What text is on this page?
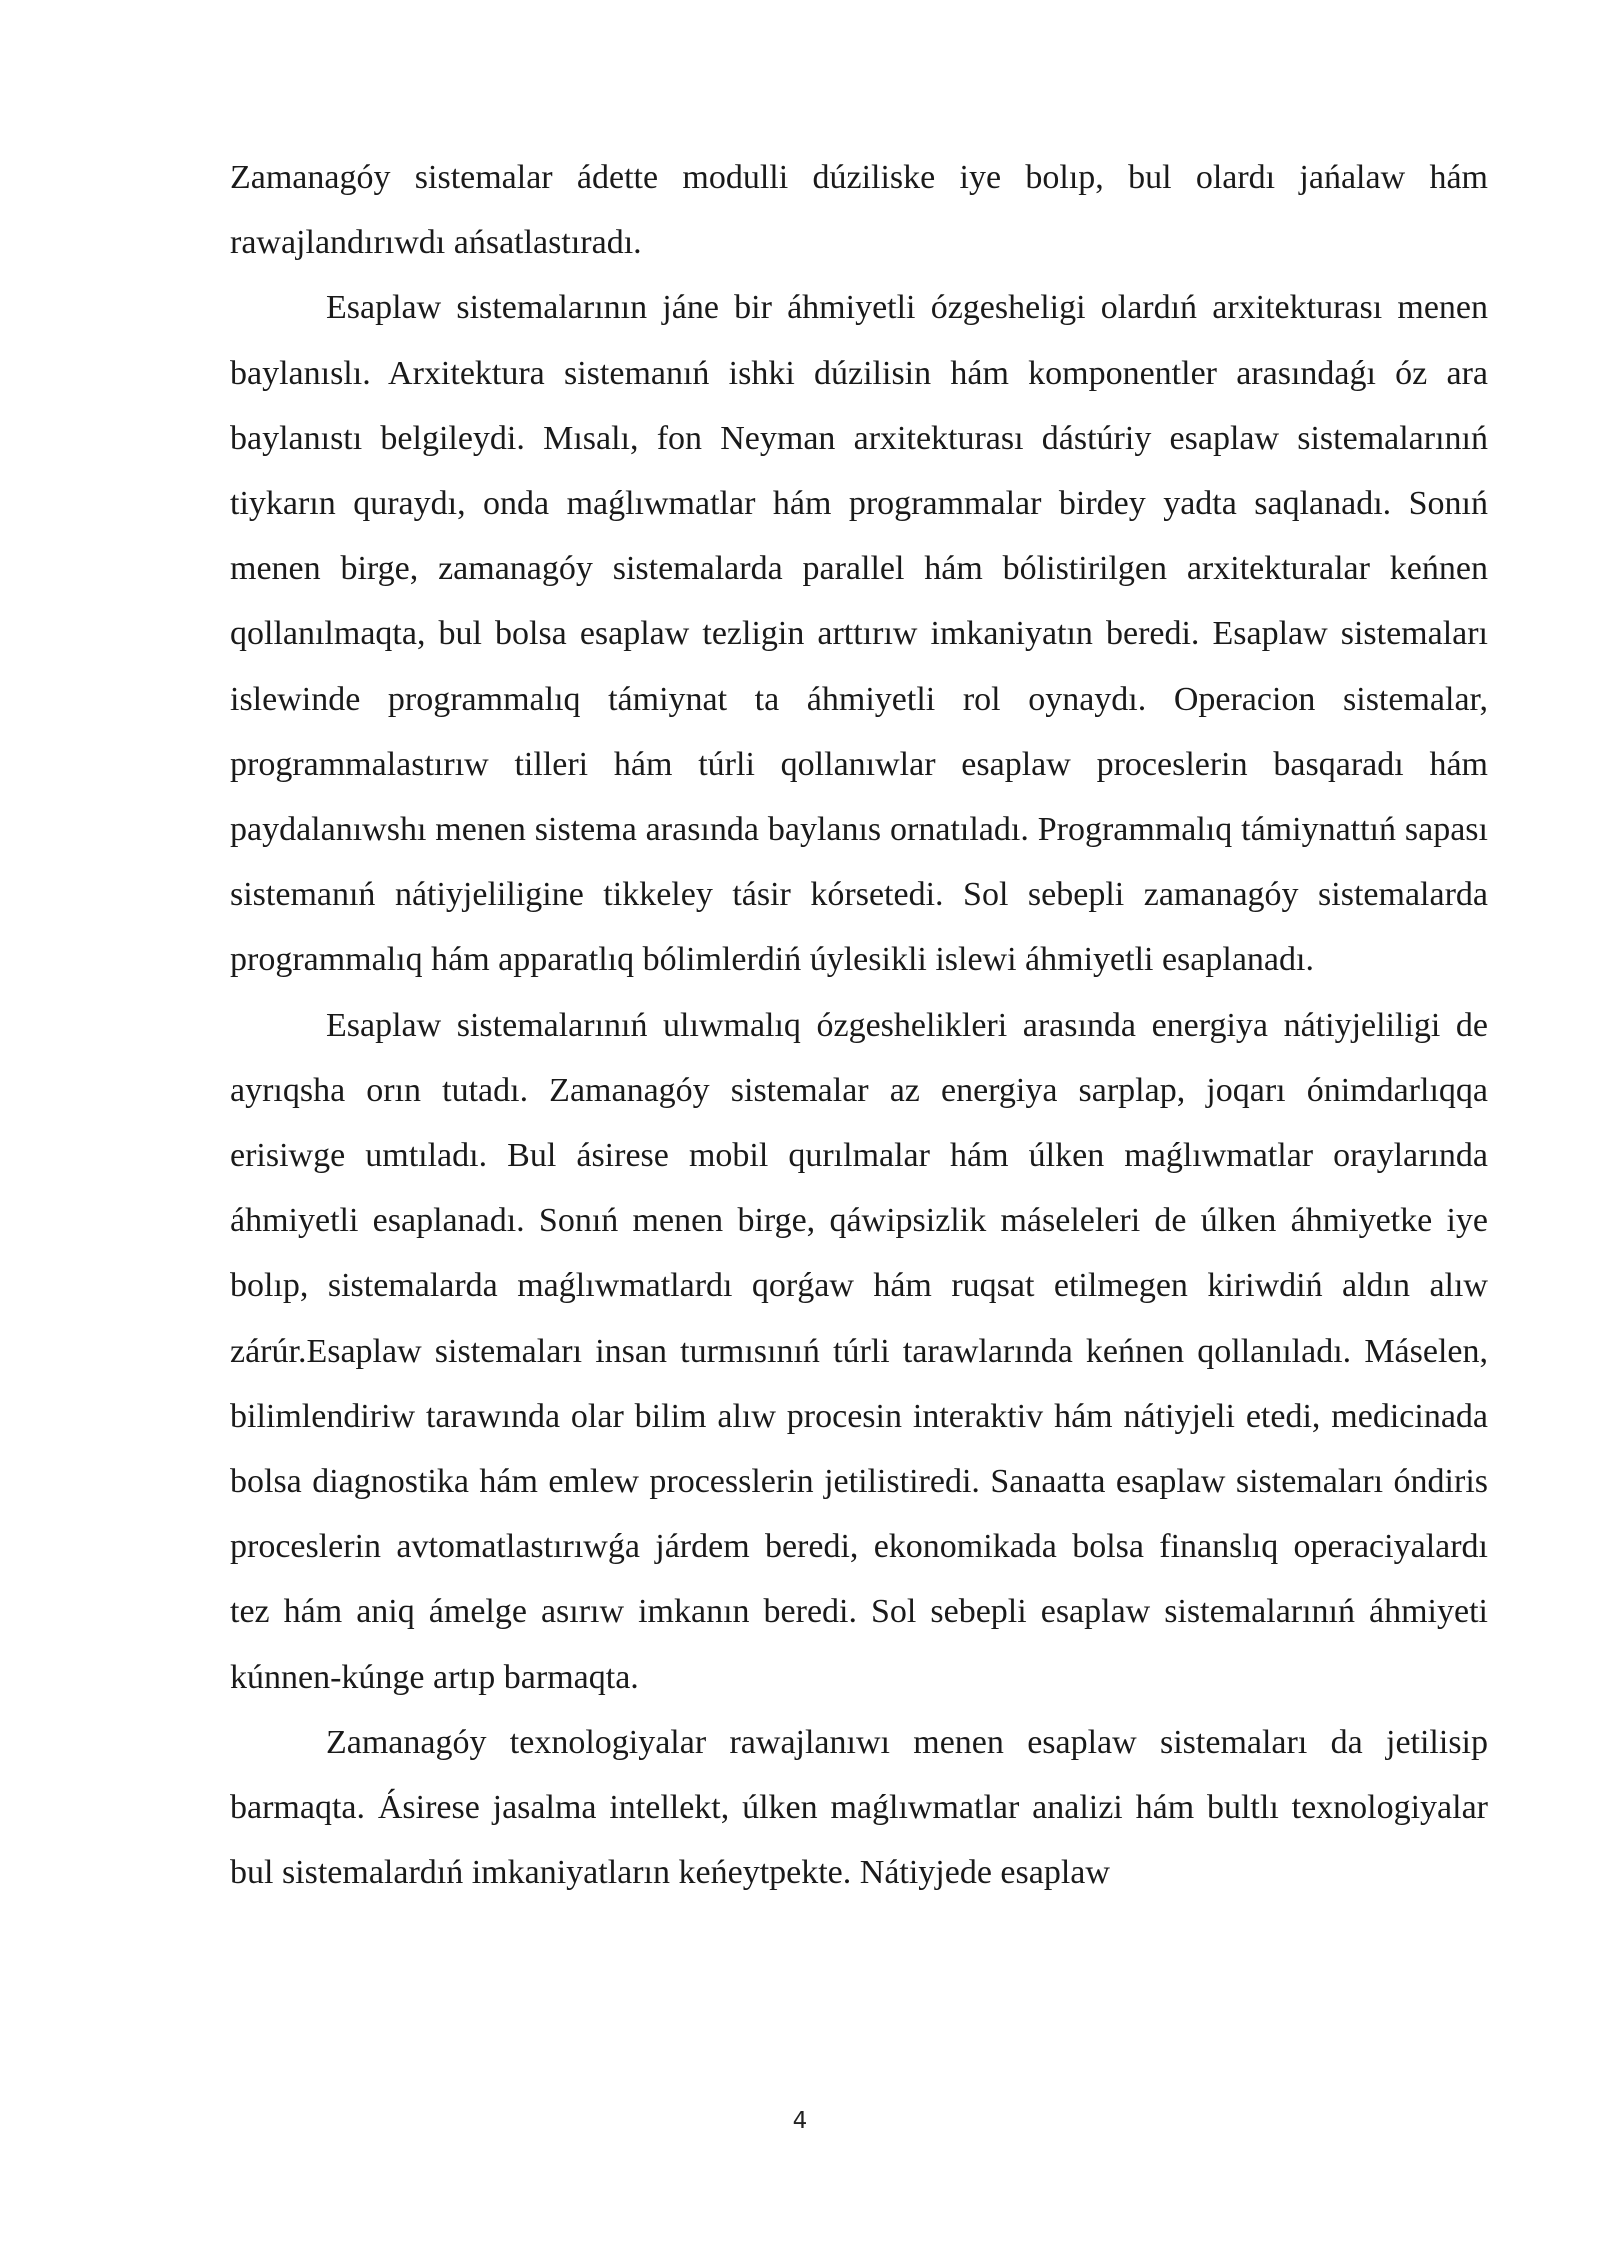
Zamanagóy sistemalar ádette modulli dúziliske iye bolıp, bul olardı jańalaw hám rawajlandırıwdı ańsatlastıradı.

Esaplaw sistemalarının jáne bir áhmiyetli ózgesheligi olardıń arxitekturası menen baylanıslı. Arxitektura sistemanıń ishki dúzilisin hám komponentler arasındaǵı óz ara baylanıstı belgileydi. Mısalı, fon Neyman arxitekturası dástúriy esaplaw sistemalarınıń tiykarın quraydı, onda maǵlıwmatlar hám programmalar birdey yadta saqlanadı. Sonıń menen birge, zamanagóy sistemalarda parallel hám bólistirilgen arxitekturalar keńnen qollanılmaqta, bul bolsa esaplaw tezligin arttırıw imkaniyatın beredi. Esaplaw sistemaları islewinde programmalıq támiynat ta áhmiyetli rol oynaydı. Operacion sistemalar, programmalastırıw tilleri hám túrli qollanıwlar esaplaw proceslerin basqaradı hám paydalanıwshı menen sistema arasında baylanıs ornatıladı. Programmalıq támiynattıń sapası sistemanıń nátiyjeliligine tikkeley tásir kórsetedi. Sol sebepli zamanagóy sistemalarda programmalıq hám apparatlıq bólimlerdiń úylesikli islewi áhmiyetli esaplanadı.

Esaplaw sistemalarınıń ulıwmalıq ózgeshelikleri arasında energiya nátiyjeliligi de ayrıqsha orın tutadı. Zamanagóy sistemalar az energiya sarplap, joqarı ónimdarlıqqa erisiwge umtıladı. Bul ásirese mobil qurılmalar hám úlken maǵlıwmatlar oraylarında áhmiyetli esaplanadı. Sonıń menen birge, qáwipsizlik máseleleri de úlken áhmiyetke iye bolıp, sistemalarda maǵlıwmatlardı qorǵaw hám ruqsat etilmegen kiriwdiń aldın alıw zárúr.Esaplaw sistemaları insan turmısınıń túrli tarawlarında keńnen qollanıladı. Máselen, bilimlendiriw tarawında olar bilim alıw procesin interaktiv hám nátiyjeli etedi, medicinada bolsa diagnostika hám emlew processlerin jetilistiredi. Sanaatta esaplaw sistemaları óndiris proceslerin avtomatlastırıwǵa járdem beredi, ekonomikada bolsa finanslıq operaciyalardı tez hám aniq ámelge asırıw imkanın beredi. Sol sebepli esaplaw sistemalarınıń áhmiyeti kúnnen-kúnge artıp barmaqta.

Zamanagóy texnologiyalar rawajlanıwı menen esaplaw sistemaları da jetilisip barmaqta. Ásirese jasalma intellekt, úlken maǵlıwmatlar analizi hám bultlı texnologiyalar bul sistemalardıń imkaniyatların keńeytpekte. Nátiyjede esaplaw

4
